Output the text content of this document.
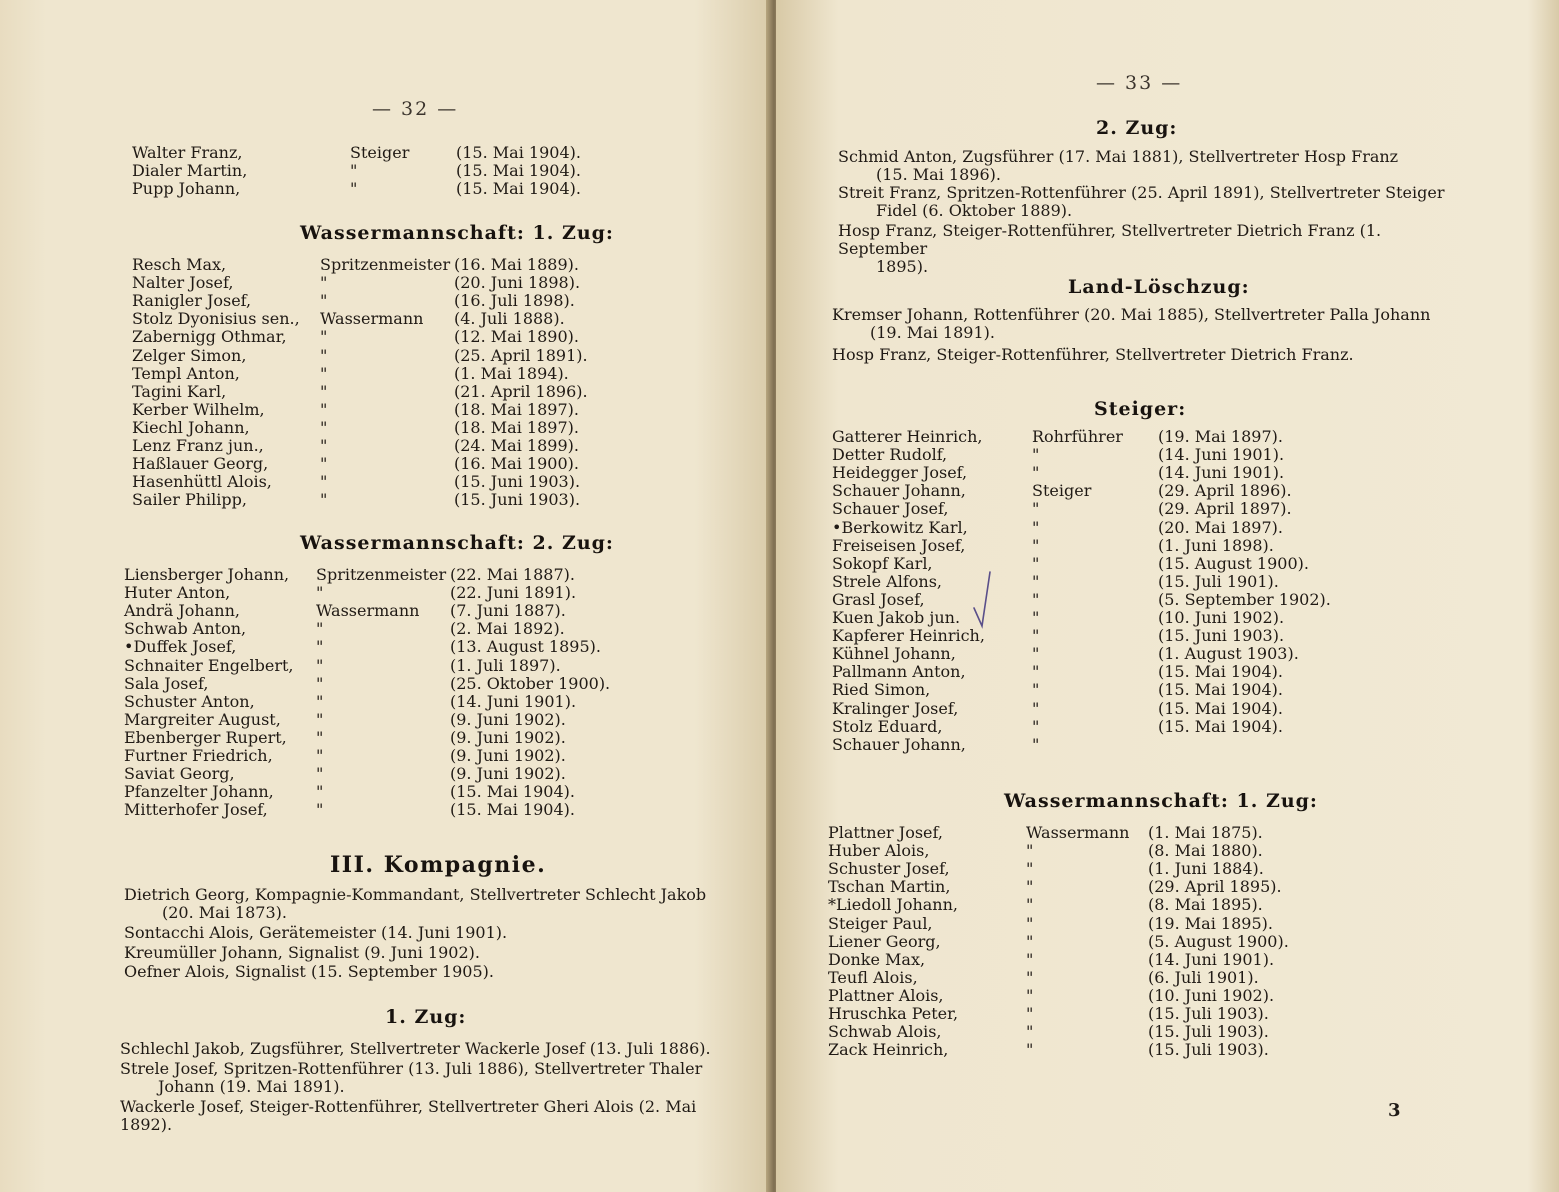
— 32 —
Wassermannschaft: 1. Zug:
Wassermannschaft: 2. Zug:
III. Kompagnie.
1. Zug:
Walter Franz,	Steiger	(15. Mai 1904).
Dialer Martin,	"	(15. Mai 1904).
Pupp Johann,	"	(15. Mai 1904).
Resch Max,	Spritzenmeister (16. Mai 1889).
Nalter Josef,	"	(20. Juni 1898).
Ranigler Josef,	"	(16. Juli 1898).
Stolz Dyonisius sen., Wassermann (4. Juli 1888).
Zabernigg Othmar, "	(12. Mai 1890).
Zelger Simon,	"	(25. April 1891).
Templ Anton,	"	(1. Mai 1894).
Tagini Karl,	"	(21. April 1896).
Kerber Wilhelm,	"	(18. Mai 1897).
Kiechl Johann,	"	(18. Mai 1897).
Lenz Franz jun.,	"	(24. Mai 1899).
Haßlauer Georg,	"	(16. Mai 1900).
Hasenhüttl Alois,	"	(15. Juni 1903).
Sailer Philipp,	"	(15. Juni 1903).
Liensberger Johann, Spritzenmeister (22. Mai 1887).
Huter Anton,	"	(22. Juni 1891).
Andrä Johann,	Wassermann (7. Juni 1887).
Schwab Anton,	"	(2. Mai 1892).
•Duffek Josef,	"	(13. August 1895).
Schnaiter Engelbert, "	(1. Juli 1897).
Sala Josef,	"	(25. Oktober 1900).
Schuster Anton,	"	(14. Juni 1901).
Margreiter August, "	(9. Juni 1902).
Ebenberger Rupert, "	(9. Juni 1902).
Furtner Friedrich,	"	(9. Juni 1902).
Saviat Georg,	"	(9. Juni 1902).
Pfanzelter Johann,	"	(15. Mai 1904).
Mitterhofer Josef,	"	(15. Mai 1904).
Dietrich Georg, Kompagnie-Kommandant, Stellvertreter Schlecht Jakob
(20. Mai 1873).
Sontacchi Alois, Gerätemeister (14. Juni 1901).
Kreumüller Johann, Signalist (9. Juni 1902).
Oefner Alois, Signalist (15. September 1905).
Schlechl Jakob, Zugsführer, Stellvertreter Wackerle Josef (13. Juli 1886).
Strele Josef, Spritzen-Rottenführer (13. Juli 1886), Stellvertreter Thaler
Johann (19. Mai 1891).
Wackerle Josef, Steiger-Rottenführer, Stellvertreter Gheri Alois (2. Mai 1892).
— 33 —
2. Zug:
Land-Löschzug:
Steiger:
Wassermannschaft: 1. Zug:
3
Schmid Anton, Zugsführer (17. Mai 1881), Stellvertreter Hosp Franz
(15. Mai 1896).
Streit Franz, Spritzen-Rottenführer (25. April 1891), Stellvertreter Steiger
Fidel (6. Oktober 1889).
Hosp Franz, Steiger-Rottenführer, Stellvertreter Dietrich Franz (1. September
1895).
Kremser Johann, Rottenführer (20. Mai 1885), Stellvertreter Palla Johann
(19. Mai 1891).
Hosp Franz, Steiger-Rottenführer, Stellvertreter Dietrich Franz.
Gatterer Heinrich,	Rohrführer (19. Mai 1897).
Detter Rudolf,	"	(14. Juni 1901).
Heidegger Josef,	"	(14. Juni 1901).
Schauer Johann,	Steiger	(29. April 1896).
Schauer Josef,	"	(29. April 1897).
•Berkowitz Karl,	"	(20. Mai 1897).
Freiseisen Josef,	"	(1. Juni 1898).
Sokopf Karl,	"	(15. August 1900).
Strele Alfons,	"	(15. Juli 1901).
Grasl Josef,	"	(5. September 1902).
Kuen Jakob jun.	"	(10. Juni 1902).
Kapferer Heinrich,	"	(15. Juni 1903).
Kühnel Johann,	"	(1. August 1903).
Pallmann Anton,	"	(15. Mai 1904).
Ried Simon,	"	(15. Mai 1904).
Kralinger Josef,	"	(15. Mai 1904).
Stolz Eduard,	"	(15. Mai 1904).
Schauer Johann,	"
Plattner Josef,	Wassermann (1. Mai 1875).
Huber Alois,	"	(8. Mai 1880).
Schuster Josef,	"	(1. Juni 1884).
Tschan Martin,	"	(29. April 1895).
*Liedoll Johann,	"	(8. Mai 1895).
Steiger Paul,	"	(19. Mai 1895).
Liener Georg,	"	(5. August 1900).
Donke Max,	"	(14. Juni 1901).
Teufl Alois,	"	(6. Juli 1901).
Plattner Alois,	"	(10. Juni 1902).
Hruschka Peter,	"	(15. Juli 1903).
Schwab Alois,	"	(15. Juli 1903).
Zack Heinrich,	"	(15. Juli 1903).
